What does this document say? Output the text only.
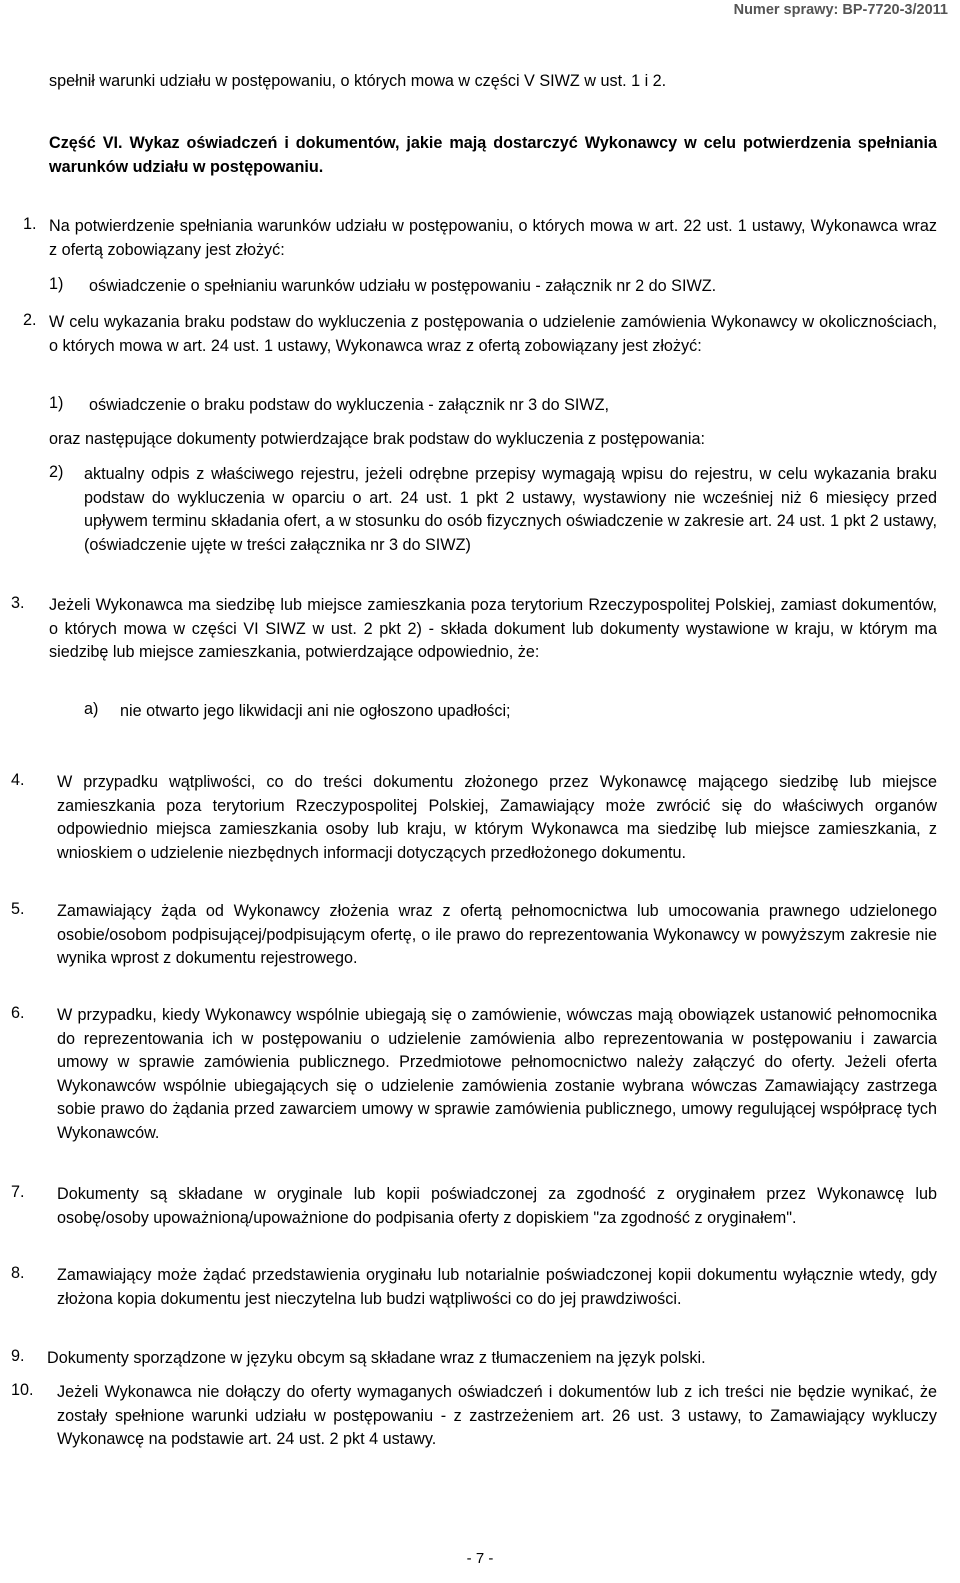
Numer sprawy: BP-7720-3/2011
spełnił warunki udziału w postępowaniu, o których mowa w części V SIWZ w ust. 1 i 2.
Część VI. Wykaz oświadczeń i dokumentów, jakie mają dostarczyć Wykonawcy w celu potwierdzenia spełniania warunków udziału w postępowaniu.
1. Na potwierdzenie spełniania warunków udziału w postępowaniu, o których mowa w art. 22 ust. 1 ustawy, Wykonawca wraz z ofertą zobowiązany jest złożyć:
1) oświadczenie o spełnianiu warunków udziału w postępowaniu - załącznik nr 2 do SIWZ.
2. W celu wykazania braku podstaw do wykluczenia z postępowania o udzielenie zamówienia Wykonawcy w okolicznościach, o których mowa w art. 24 ust. 1 ustawy, Wykonawca wraz z ofertą zobowiązany jest złożyć:
1) oświadczenie o braku podstaw do wykluczenia - załącznik nr 3 do SIWZ,
oraz następujące dokumenty potwierdzające brak podstaw do wykluczenia z postępowania:
2) aktualny odpis z właściwego rejestru, jeżeli odrębne przepisy wymagają wpisu do rejestru, w celu wykazania braku podstaw do wykluczenia w oparciu o art. 24 ust. 1 pkt 2 ustawy, wystawiony nie wcześniej niż 6 miesięcy przed upływem terminu składania ofert, a w stosunku do osób fizycznych oświadczenie w zakresie art. 24 ust. 1 pkt 2 ustawy, (oświadczenie ujęte w treści załącznika nr 3 do SIWZ)
3. Jeżeli Wykonawca ma siedzibę lub miejsce zamieszkania poza terytorium Rzeczypospolitej Polskiej, zamiast dokumentów, o których mowa w części VI SIWZ w ust. 2 pkt 2) - składa dokument lub dokumenty wystawione w kraju, w którym ma siedzibę lub miejsce zamieszkania, potwierdzające odpowiednio, że:
a) nie otwarto jego likwidacji ani nie ogłoszono upadłości;
4. W przypadku wątpliwości, co do treści dokumentu złożonego przez Wykonawcę mającego siedzibę lub miejsce zamieszkania poza terytorium Rzeczypospolitej Polskiej, Zamawiający może zwrócić się do właściwych organów odpowiednio miejsca zamieszkania osoby lub kraju, w którym Wykonawca ma siedzibę lub miejsce zamieszkania, z wnioskiem o udzielenie niezbędnych informacji dotyczących przedłożonego dokumentu.
5. Zamawiający żąda od Wykonawcy złożenia wraz z ofertą pełnomocnictwa lub umocowania prawnego udzielonego osobie/osobom podpisującej/podpisującym ofertę, o ile prawo do reprezentowania Wykonawcy w powyższym zakresie nie wynika wprost z dokumentu rejestrowego.
6. W przypadku, kiedy Wykonawcy wspólnie ubiegają się o zamówienie, wówczas mają obowiązek ustanowić pełnomocnika do reprezentowania ich w postępowaniu o udzielenie zamówienia albo reprezentowania w postępowaniu i zawarcia umowy w sprawie zamówienia publicznego. Przedmiotowe pełnomocnictwo należy załączyć do oferty. Jeżeli oferta Wykonawców wspólnie ubiegających się o udzielenie zamówienia zostanie wybrana wówczas Zamawiający zastrzega sobie prawo do żądania przed zawarciem umowy w sprawie zamówienia publicznego, umowy regulującej współpracę tych Wykonawców.
7. Dokumenty są składane w oryginale lub kopii poświadczonej za zgodność z oryginałem przez Wykonawcę lub osobę/osoby upoważnioną/upoważnione do podpisania oferty z dopiskiem "za zgodność z oryginałem".
8. Zamawiający może żądać przedstawienia oryginału lub notarialnie poświadczonej kopii dokumentu wyłącznie wtedy, gdy złożona kopia dokumentu jest nieczytelna lub budzi wątpliwości co do jej prawdziwości.
9. Dokumenty sporządzone w języku obcym są składane wraz z tłumaczeniem na język polski.
10. Jeżeli Wykonawca nie dołączy do oferty wymaganych oświadczeń i dokumentów lub z ich treści nie będzie wynikać, że zostały spełnione warunki udziału w postępowaniu - z zastrzeżeniem art. 26 ust. 3 ustawy, to Zamawiający wykluczy Wykonawcę na podstawie art. 24 ust. 2 pkt 4 ustawy.
- 7 -
